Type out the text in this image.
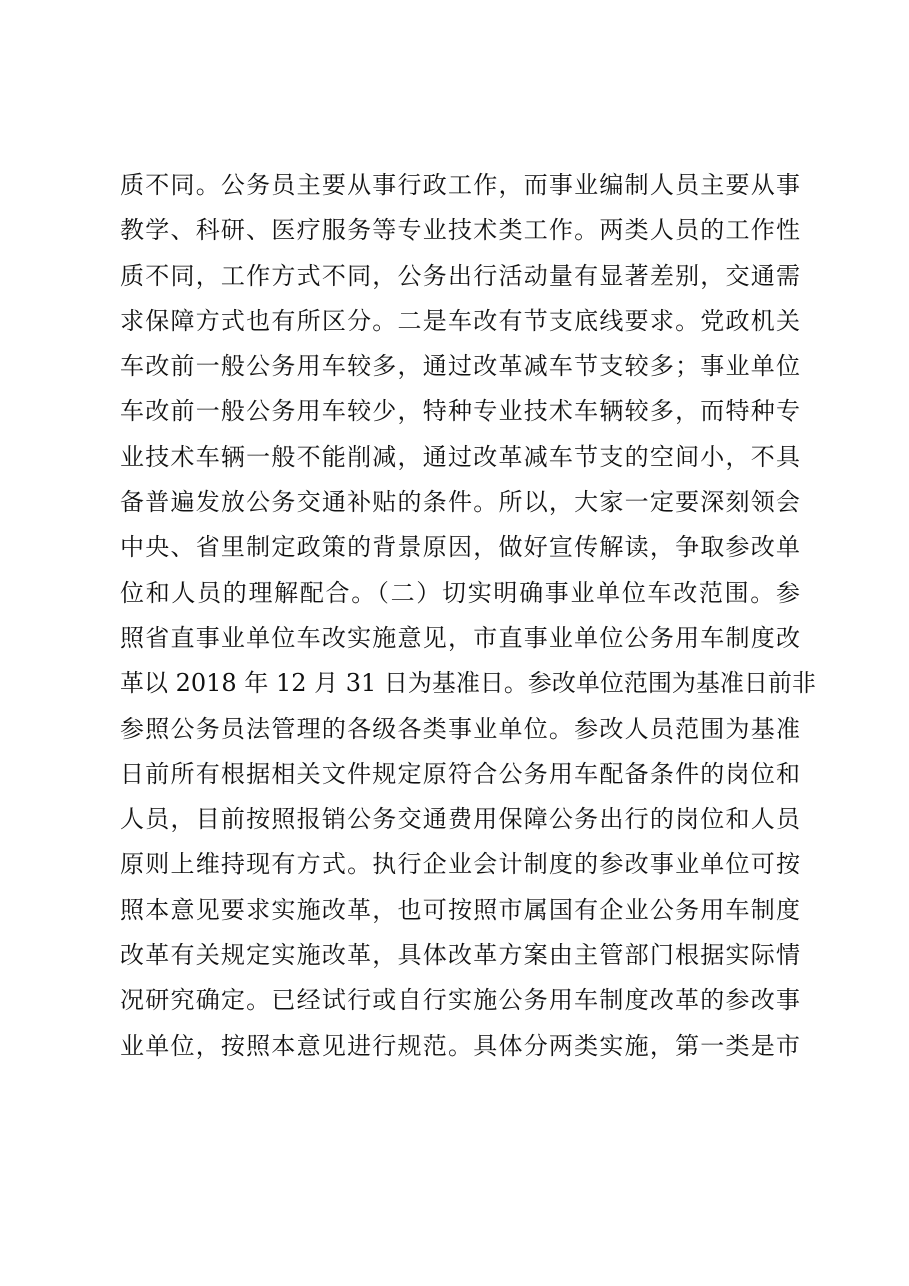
质不同。公务员主要从事行政工作，而事业编制人员主要从事
教学、科研、医疗服务等专业技术类工作。两类人员的工作性
质不同，工作方式不同，公务出行活动量有显著差别，交通需
求保障方式也有所区分。二是车改有节支底线要求。党政机关
车改前一般公务用车较多，通过改革减车节支较多；事业单位
车改前一般公务用车较少，特种专业技术车辆较多，而特种专
业技术车辆一般不能削减，通过改革减车节支的空间小，不具
备普遍发放公务交通补贴的条件。所以，大家一定要深刻领会
中央、省里制定政策的背景原因，做好宣传解读，争取参改单
位和人员的理解配合。（二）切实明确事业单位车改范围。参
照省直事业单位车改实施意见，市直事业单位公务用车制度改
革以 2018 年 12 月 31 日为基准日。参改单位范围为基准日前非
参照公务员法管理的各级各类事业单位。参改人员范围为基准
日前所有根据相关文件规定原符合公务用车配备条件的岗位和
人员，目前按照报销公务交通费用保障公务出行的岗位和人员
原则上维持现有方式。执行企业会计制度的参改事业单位可按
照本意见要求实施改革，也可按照市属国有企业公务用车制度
改革有关规定实施改革，具体改革方案由主管部门根据实际情
况研究确定。已经试行或自行实施公务用车制度改革的参改事
业单位，按照本意见进行规范。具体分两类实施，第一类是市
